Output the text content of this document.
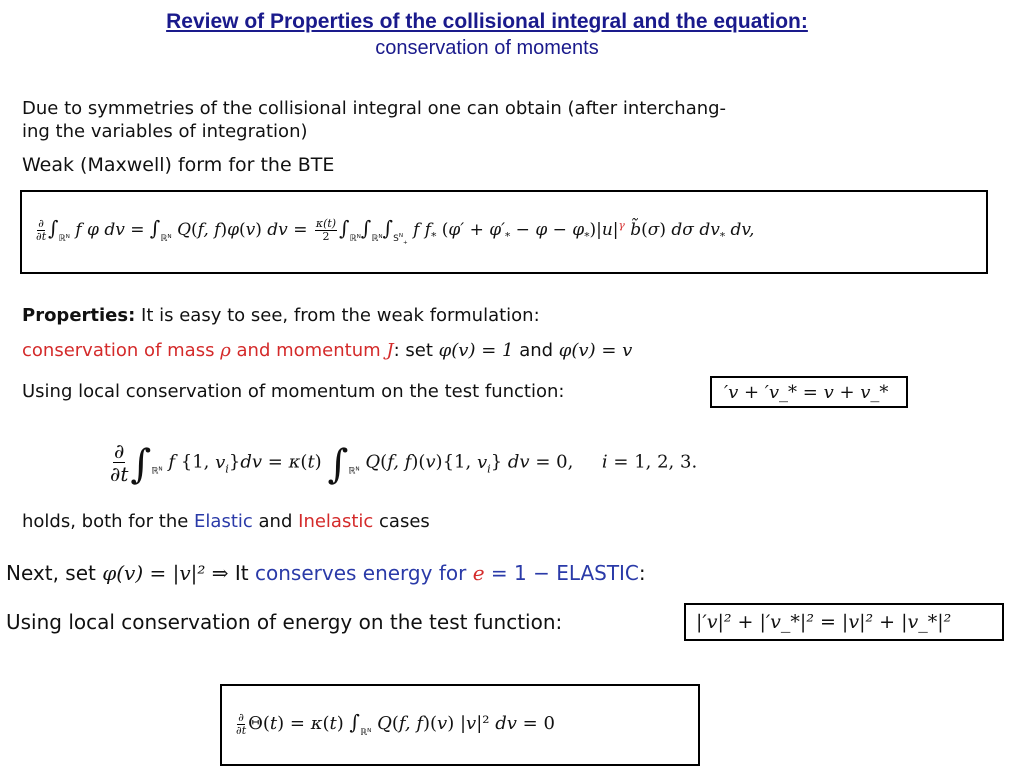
Review of Properties of the collisional integral and the equation:
conservation of moments
Due to symmetries of the collisional integral one can obtain (after interchang-
ing the variables of integration)
Weak (Maxwell) form for the BTE
$\frac{\partial}{\partial t} \int_{ℝᴺ}$ f φ dv = $\int_{ℝᴺ}$ Q(f, f)φ(v) dv = $\frac{\kappa(t)}{2} \int_{ℝᴺ}\int_{ℝᴺ}\int_{S^N_+}$ f $f_*$ $(\varphi' + \varphi'_* - \varphi - \varphi_*)|u|^\gamma$ b̃(σ) dσ $dv_*$ dv,
Properties: It is easy to see, from the weak formulation:
conservation of mass ρ and momentum J: set φ(v) = 1 and φ(v) = v
Using local conservation of momentum on the test function:	′v + ′v_* = v + v_*
$\frac{\partial}{\partial t} \int_{ℝᴺ}$ f {1, $v_i\}dv = \kappa(t)$ $\int_{ℝᴺ}$ Q(f, f)(v){1, $v_i$} dv = 0, i = 1, 2, 3.
holds, both for the Elastic and Inelastic cases
Next, set φ(v) = |v|² ⇒ It conserves energy for e = 1 − ELASTIC:
Using local conservation of energy on the test function:	|′v|² + |′v_*|² = |v|² + |v_*|²
$\frac{\partial}{\partial t} \Theta(t) = \kappa(t)$ $\int_{ℝᴺ}$ Q(f, f)(v) |v|² dv = 0
